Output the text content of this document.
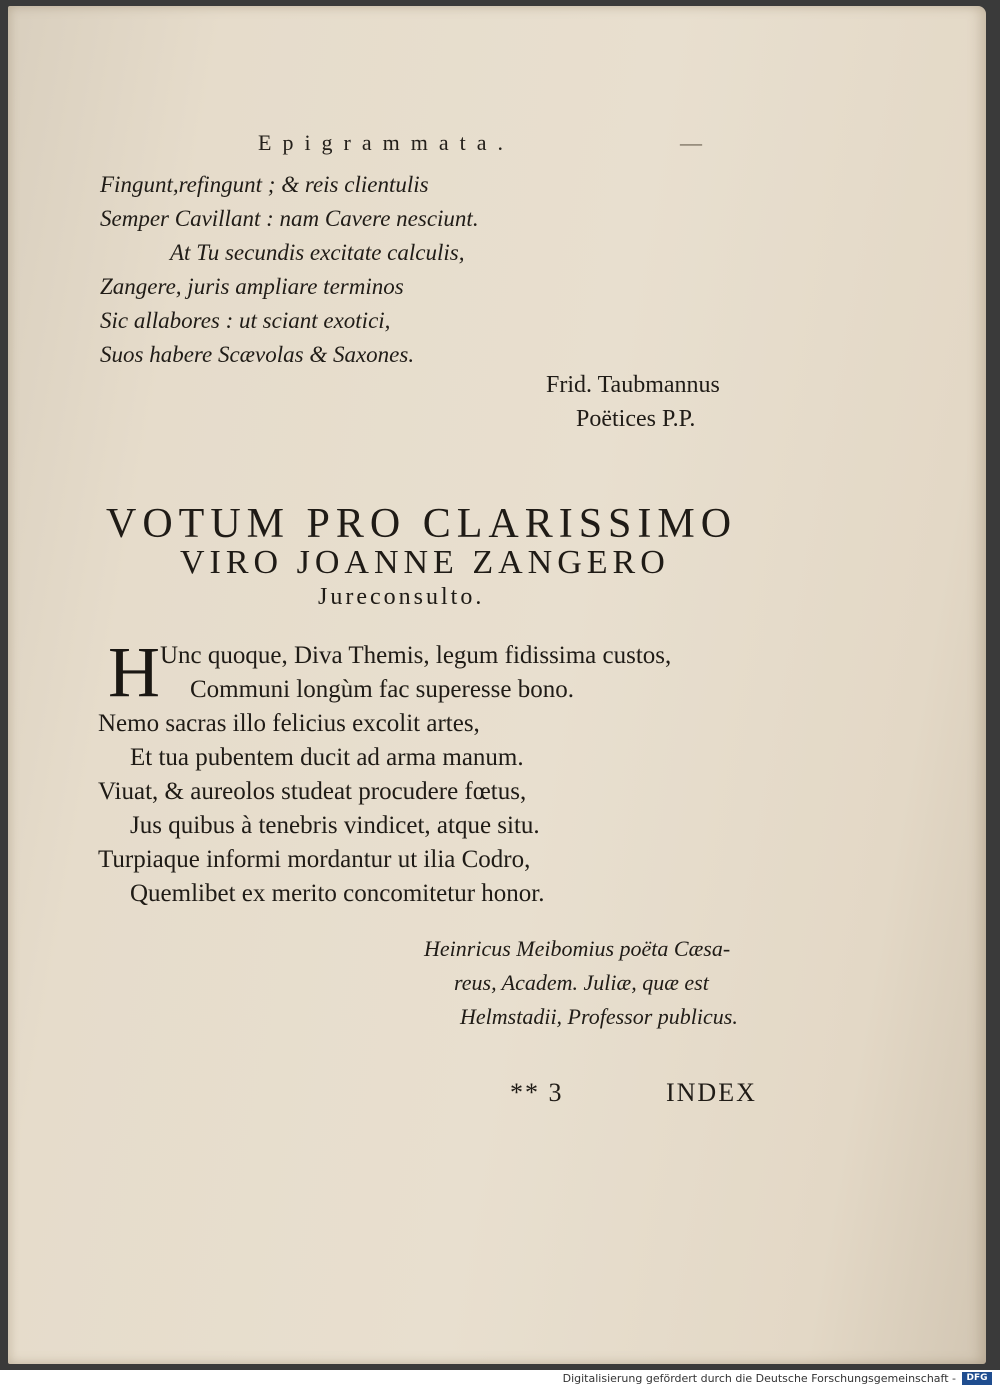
Epigrammata.	—
Fingunt,refingunt ; & reis clientulis
Semper Cavillant : nam Cavere nesciunt.
At Tu secundis excitate calculis,
Zangere, juris ampliare terminos
Sic allabores : ut sciant exotici,
Suos habere Scævolas & Saxones.
Frid. Taubmannus
Poëtices P.P.
VOTUM PRO CLARISSIMO
VIRO JOANNE ZANGERO
Jureconsulto.
H Unc quoque, Diva Themis, legum fidissima custos,
Communi longùm fac superesse bono.
Nemo sacras illo felicius excolit artes,
Et tua pubentem ducit ad arma manum.
Viuat, & aureolos studeat procudere fœtus,
Jus quibus à tenebris vindicet, atque situ.
Turpiaque informi mordantur ut ilia Codro,
Quemlibet ex merito concomitetur honor.
Heinricus Meibomius poëta Cæsa-
reus, Academ. Juliæ, quæ est
Helmstadii, Professor publicus.
** 3	INDEX
Digitalisierung gefördert durch die Deutsche Forschungsgemeinschaft -	DFG
